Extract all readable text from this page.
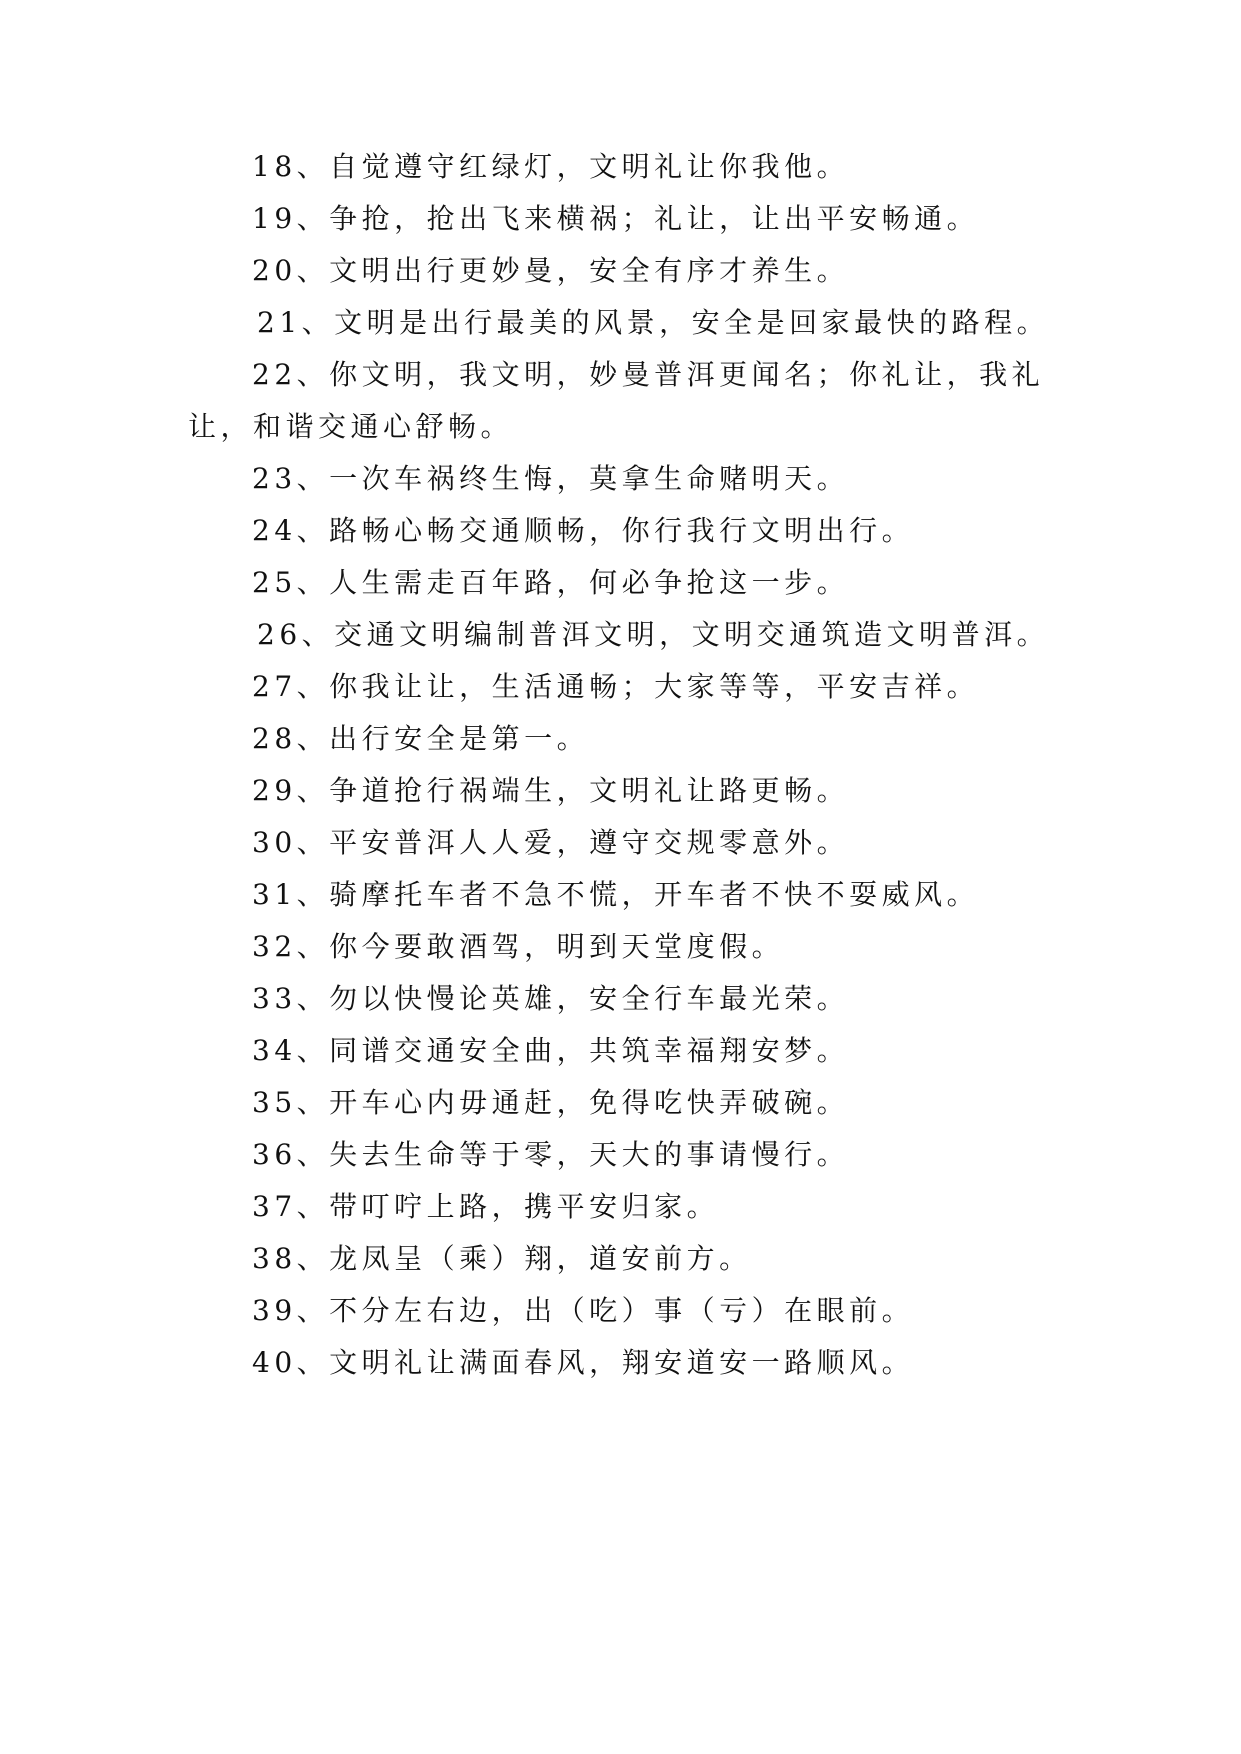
18、自觉遵守红绿灯，文明礼让你我他。
19、争抢，抢出飞来横祸；礼让，让出平安畅通。
20、文明出行更妙曼，安全有序才养生。
21、文明是出行最美的风景，安全是回家最快的路程。
22、你文明，我文明，妙曼普洱更闻名；你礼让，我礼
让，和谐交通心舒畅。
23、一次车祸终生悔，莫拿生命赌明天。
24、路畅心畅交通顺畅，你行我行文明出行。
25、人生需走百年路，何必争抢这一步。
26、交通文明编制普洱文明，文明交通筑造文明普洱。
27、你我让让，生活通畅；大家等等，平安吉祥。
28、出行安全是第一。
29、争道抢行祸端生，文明礼让路更畅。
30、平安普洱人人爱，遵守交规零意外。
31、骑摩托车者不急不慌，开车者不快不耍威风。
32、你今要敢酒驾，明到天堂度假。
33、勿以快慢论英雄，安全行车最光荣。
34、同谱交通安全曲，共筑幸福翔安梦。
35、开车心内毋通赶，免得吃快弄破碗。
36、失去生命等于零，天大的事请慢行。
37、带叮咛上路，携平安归家。
38、龙凤呈（乘）翔，道安前方。
39、不分左右边，出（吃）事（亏）在眼前。
40、文明礼让满面春风，翔安道安一路顺风。
